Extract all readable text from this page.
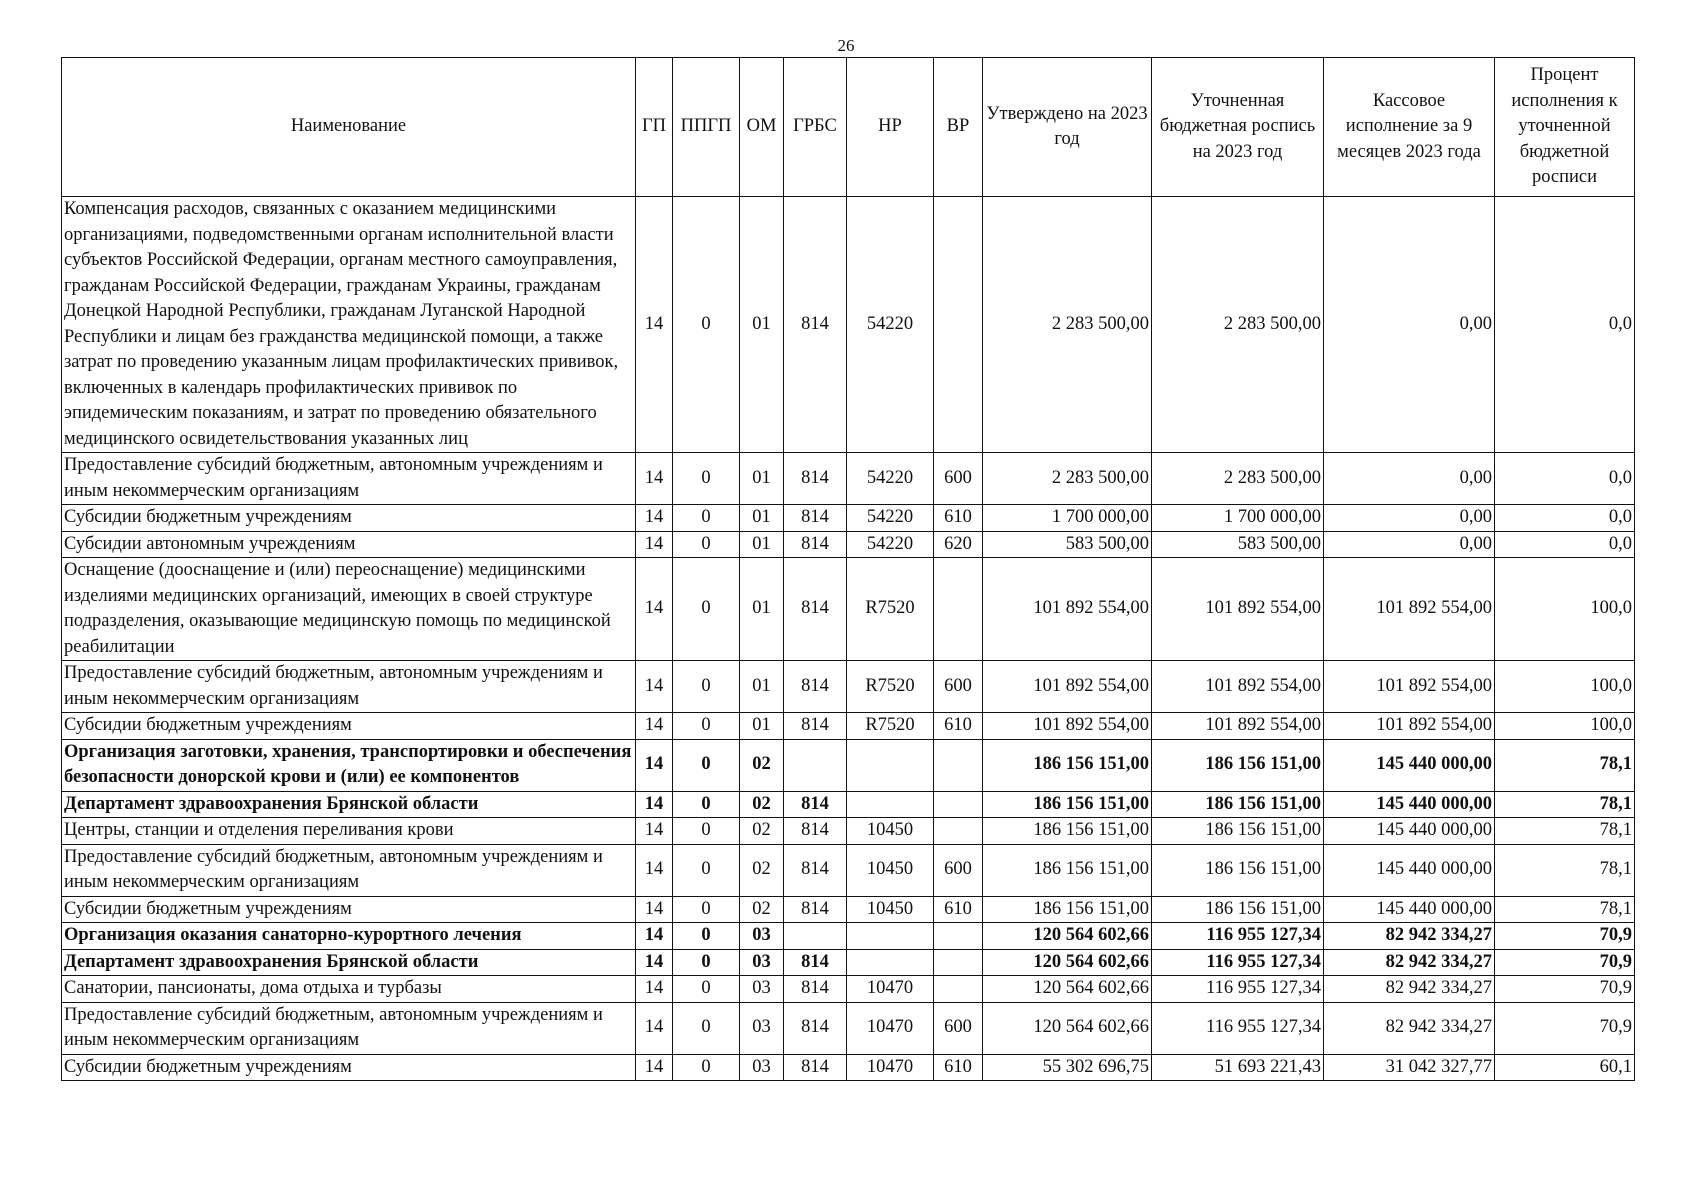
26
Наименование	ГП	ППГП	ОМ	ГРБС	НР	ВР	Утверждено на 2023 год	Уточненная бюджетная роспись на 2023 год	Кассовое исполнение за 9 месяцев 2023 года	Процент исполнения к уточненной бюджетной росписи
Компенсация расходов, связанных с оказанием медицинскими организациями, подведомственными органам исполнительной власти субъектов Российской Федерации, органам местного самоуправления, гражданам Российской Федерации, гражданам Украины, гражданам Донецкой Народной Республики, гражданам Луганской Народной Республики и лицам без гражданства медицинской помощи, а также затрат по проведению указанным лицам профилактических прививок, включенных в календарь профилактических прививок по эпидемическим показаниям, и затрат по проведению обязательного медицинского освидетельствования указанных лиц	14	0	01	814	54220		2 283 500,00	2 283 500,00	0,00	0,0
Предоставление субсидий бюджетным, автономным учреждениям и иным некоммерческим организациям	14	0	01	814	54220	600	2 283 500,00	2 283 500,00	0,00	0,0
Субсидии бюджетным учреждениям	14	0	01	814	54220	610	1 700 000,00	1 700 000,00	0,00	0,0
Субсидии автономным учреждениям	14	0	01	814	54220	620	583 500,00	583 500,00	0,00	0,0
Оснащение (дооснащение и (или) переоснащение) медицинскими изделиями медицинских организаций, имеющих в своей структуре подразделения, оказывающие медицинскую помощь по медицинской реабилитации	14	0	01	814	R7520		101 892 554,00	101 892 554,00	101 892 554,00	100,0
Предоставление субсидий бюджетным, автономным учреждениям и иным некоммерческим организациям	14	0	01	814	R7520	600	101 892 554,00	101 892 554,00	101 892 554,00	100,0
Субсидии бюджетным учреждениям	14	0	01	814	R7520	610	101 892 554,00	101 892 554,00	101 892 554,00	100,0
Организация заготовки, хранения, транспортировки и обеспечения безопасности донорской крови и (или) ее компонентов	14	0	02				186 156 151,00	186 156 151,00	145 440 000,00	78,1
Департамент здравоохранения Брянской области	14	0	02	814			186 156 151,00	186 156 151,00	145 440 000,00	78,1
Центры, станции и отделения переливания крови	14	0	02	814	10450		186 156 151,00	186 156 151,00	145 440 000,00	78,1
Предоставление субсидий бюджетным, автономным учреждениям и иным некоммерческим организациям	14	0	02	814	10450	600	186 156 151,00	186 156 151,00	145 440 000,00	78,1
Субсидии бюджетным учреждениям	14	0	02	814	10450	610	186 156 151,00	186 156 151,00	145 440 000,00	78,1
Организация оказания санаторно-курортного лечения	14	0	03				120 564 602,66	116 955 127,34	82 942 334,27	70,9
Департамент здравоохранения Брянской области	14	0	03	814			120 564 602,66	116 955 127,34	82 942 334,27	70,9
Санатории, пансионаты, дома отдыха и турбазы	14	0	03	814	10470		120 564 602,66	116 955 127,34	82 942 334,27	70,9
Предоставление субсидий бюджетным, автономным учреждениям и иным некоммерческим организациям	14	0	03	814	10470	600	120 564 602,66	116 955 127,34	82 942 334,27	70,9
Субсидии бюджетным учреждениям	14	0	03	814	10470	610	55 302 696,75	51 693 221,43	31 042 327,77	60,1
